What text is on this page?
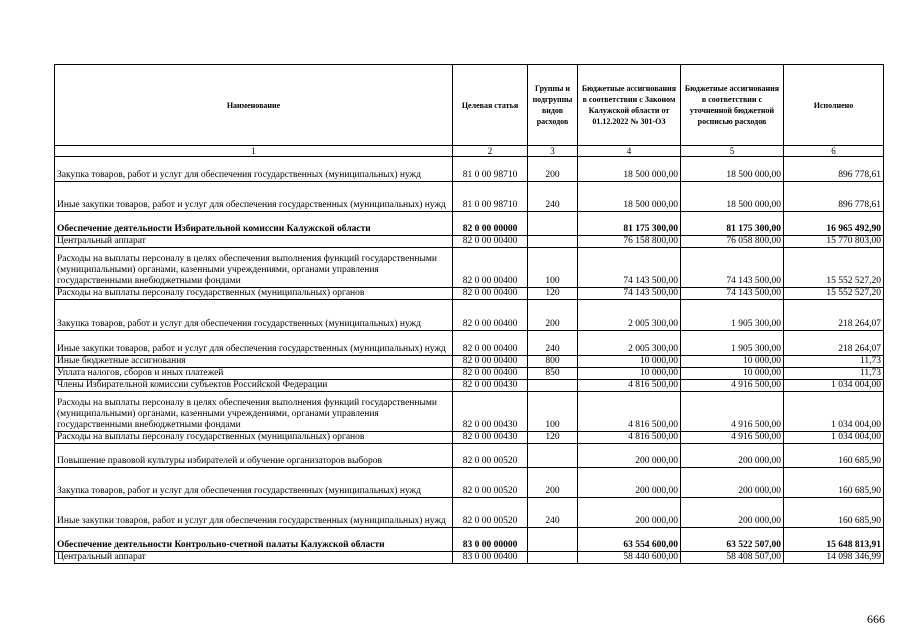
Наименование	Целевая статья	Группы и подгруппы видов расходов	Бюджетные ассигнования в соответствии с Законом Калужской области от 01.12.2022 № 301-ОЗ	Бюджетные ассигнования в соответствии с уточненной бюджетной росписью расходов	Исполнено
1	2	3	4	5	6
Закупка товаров, работ и услуг для обеспечения государственных (муниципальных) нужд	81 0 00 98710	200	18 500 000,00	18 500 000,00	896 778,61
Иные закупки товаров, работ и услуг для обеспечения государственных (муниципальных) нужд	81 0 00 98710	240	18 500 000,00	18 500 000,00	896 778,61
Обеспечение деятельности Избирательной комиссии Калужской области	82 0 00 00000		81 175 300,00	81 175 300,00	16 965 492,90
Центральный аппарат	82 0 00 00400		76 158 800,00	76 058 800,00	15 770 803,00
Расходы на выплаты персоналу в целях обеспечения выполнения функций государственными (муниципальными) органами, казенными учреждениями, органами управления государственными внебюджетными фондами	82 0 00 00400	100	74 143 500,00	74 143 500,00	15 552 527,20
Расходы на выплаты персоналу государственных (муниципальных) органов	82 0 00 00400	120	74 143 500,00	74 143 500,00	15 552 527,20
Закупка товаров, работ и услуг для обеспечения государственных (муниципальных) нужд	82 0 00 00400	200	2 005 300,00	1 905 300,00	218 264,07
Иные закупки товаров, работ и услуг для обеспечения государственных (муниципальных) нужд	82 0 00 00400	240	2 005 300,00	1 905 300,00	218 264,07
Иные бюджетные ассигнования	82 0 00 00400	800	10 000,00	10 000,00	11,73
Уплата налогов, сборов и иных платежей	82 0 00 00400	850	10 000,00	10 000,00	11,73
Члены Избирательной комиссии субъектов Российской Федерации	82 0 00 00430		4 816 500,00	4 916 500,00	1 034 004,00
Расходы на выплаты персоналу в целях обеспечения выполнения функций государственными (муниципальными) органами, казенными учреждениями, органами управления государственными внебюджетными фондами	82 0 00 00430	100	4 816 500,00	4 916 500,00	1 034 004,00
Расходы на выплаты персоналу государственных (муниципальных) органов	82 0 00 00430	120	4 816 500,00	4 916 500,00	1 034 004,00
Повышение правовой культуры избирателей и обучение организаторов выборов	82 0 00 00520		200 000,00	200 000,00	160 685,90
Закупка товаров, работ и услуг для обеспечения государственных (муниципальных) нужд	82 0 00 00520	200	200 000,00	200 000,00	160 685,90
Иные закупки товаров, работ и услуг для обеспечения государственных (муниципальных) нужд	82 0 00 00520	240	200 000,00	200 000,00	160 685,90
Обеспечение деятельности Контрольно-счетной палаты Калужской области	83 0 00 00000		63 554 600,00	63 522 507,00	15 648 813,91
Центральный аппарат	83 0 00 00400		58 440 600,00	58 408 507,00	14 098 346,99
666
